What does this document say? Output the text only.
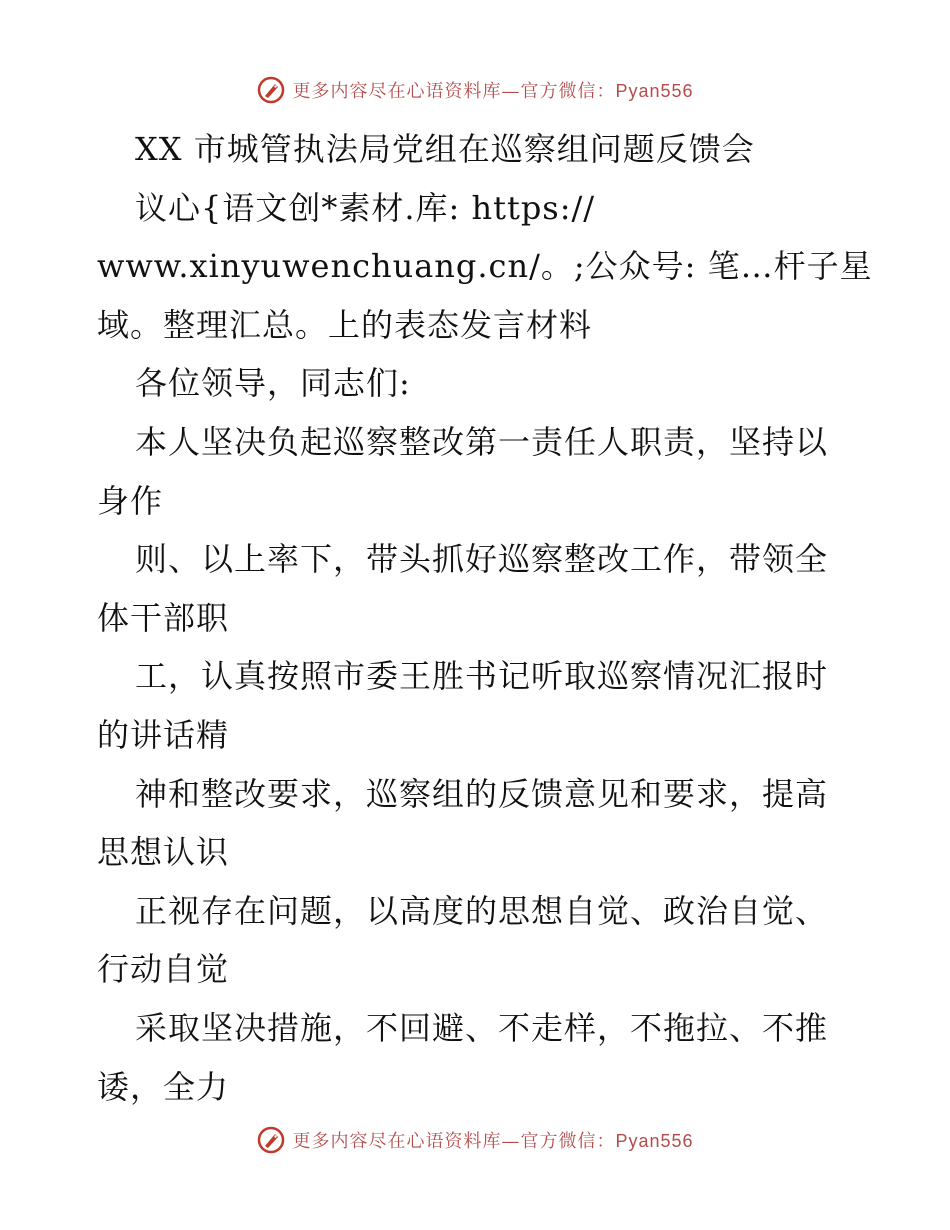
更多内容尽在心语资料库—官方微信：Pyan556
XX 市城管执法局党组在巡察组问题反馈会
议心{语文创*素材.库: https://
www.xinyuwenchuang.cn/。;公众号: 笔…杆子星
域。整理汇总。上的表态发言材料
各位领导，同志们:
本人坚决负起巡察整改第一责任人职责，坚持以
身作
则、以上率下，带头抓好巡察整改工作，带领全
体干部职
工，认真按照市委王胜书记听取巡察情况汇报时
的讲话精
神和整改要求，巡察组的反馈意见和要求，提高
思想认识
正视存在问题，以高度的思想自觉、政治自觉、
行动自觉
采取坚决措施，不回避、不走样，不拖拉、不推
诿，全力
更多内容尽在心语资料库—官方微信：Pyan556
